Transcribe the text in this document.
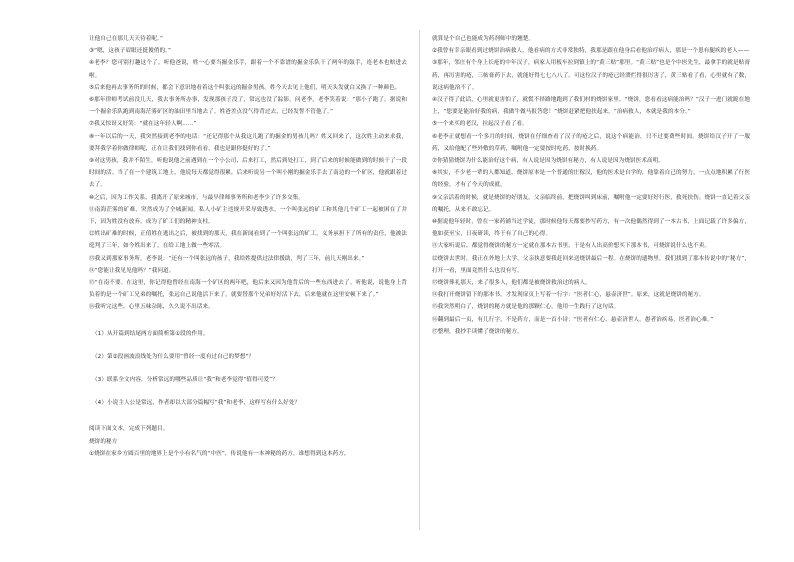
让他自己在那儿天天待着呢。”

③“嗯，这孩子眉眼还挺俊俏的。”

④老李？您可别打趣这个了。听他爸说，姓一心要当掘金乐手，跟着一个不靠谱的掘金乐队干了两年的鼓手，连老本也赔进去啦。

⑤后来他再去事务所的时候，都会下意识地看着这个叫张远的掘金男孩。姓今天去见上他们，明天头发就白又换了一种颜色。

⑥那年律师考试前没几天，我去事务所办事，发现那孩子没了，常远也没了踪影。问老李，老李笑着说：“那小子跑了，据说和一个掘金乐队跑到南海茫雾矿区的油田里当地去了。姓爸差点没气得背过去，已经发誓不管他了。”

⑦我又惊讶又好笑：“就在这年轻人啊……”

⑧一年以后的一天，我突然接到老李的电话：“还记得那个从我这儿跑了的掘金的男孩儿吗？姓又回来了，这次姓主动来求我，要拜我学着你做律师呢，正在让我们找到你看看，我也是跟你挺好的了。”

⑨对这男孩，我并不陌生，听他说他之前遇到在一个小公司，后来打工，然后到处打工，到了后来的时候能做到的时候干了一段时间的活。当了在一个建筑工地上，他说每天都觉得很累，后来听说另一个叫小刚的掘金乐手去了南边的一个矿区，他就跟着过去了。

⑩之后，因为工作关系，我离开了原来城市，与最早律师事务所和老李少了许多交集。

⑪南海茫雾的矿难，突然成为了全城新闻，私人小矿主违规开采导致透水，一个叫张远的矿工和其他几个矿工一起被困在了井下，因为姓没有放弃，成为了矿工们的精神支柱。

⑫姓出矿难的时候，正值姓在逃出之后，被找到的那天，我在新闻看到了一个叫张远的矿工，义务承担下了所有的责任，他被法庭判了三年，如今姓出来了，在给工地上做一些零活。

⑬我又到那家事务所，老李说：“还有一个叫张远的孩子，我给姓提供过法律援助，判了三年，前几天刚出来。”

⑭“您能让我见见他吗？”我问道。

⑮“在南不要。在这里，你记得他曾经在南海一个矿区的两年吧，他后来又因为他背后的一些东西进去了。听他说，说他身上背负着的是一个矿工兄弟的嘱托，张远自己说他活下来了，就要替那个兄弟好好活下去，后来他就在这里安顿下来了。”

⑯我听完这些，心里五味杂陈，久久说不出话来。

（1）从开篇到结尾两方面简析第①段的作用。

（2）第②段画波浪线处为什么要用“曾经一度有过自己的梦想”？

（3）联系全文内容，分析常远的哪些品质让“我”和老李觉得“值得可爱”？

（4）小说主人公是常远，作者却以大部分篇幅写“我”和老李，这样写有什么好处？

阅读下面文本，完成下列题目。

烧饼的秘方

①烧饼在家乡方圆百里的地界上是个小有名气的“中医”，传说他有一本神秘的药方，谁想得到这本药方，

就算是个自己也能成为药剂师中的翘楚。

②我曾有幸亲眼看到过烧饼治病救人，他看病的方式非常独特，我那是跟在他身后看他治疗病人，那是一个患有腿疾的老人——

③那年，邻庄有个身上长疮的中年汉子，病家人用板车拉到镇上的“黄三贴”那里。“黄三贴”也是个中医先生，最拿手的就是贴膏药，再厉害的疮，三帖膏药下去，就能好得七七八八了。可这位汉子的疮已经溃烂得很厉害了，黄三贴看了看，心里就有了数，说这病他治不了。

④汉子得了此话，心里就更害怕了，就慌不择路地跑到了我们村的烧饼家里。“烧饼，您看看这病能治吗？”汉子一进门就跪在地上，“您要是能治好我的病，我做牛做马报答您！”烧饼赶紧把他扶起来，“治病救人，本就是我的本分。”

⑤一个来买的老汉，拉起汉子看了看。

⑥老李正就想看一个多月的时间，烧饼在仔细查看了汉子的疮之后，说这个病能治，只不过要费些时间。烧饼给汉子开了一服药，又给他配了些外敷的草药，嘱咐他一定要按时吃药，按时换药。

⑦你猜猜烧饼为什么能治好这个病，有人说是因为烧饼有秘方，有人说是因为烧饼医术高明。

⑧其实，不少老一辈的人都知道，烧饼原本是一个普通的庄稼汉，他的医术是自学的，他靠着自己的努力，一点点地积累了行医的经验，才有了今天的成就。

⑨父亲活着的时候，就是烧饼的好朋友。父亲临终前，把烧饼叫到床前，嘱咐他一定要好好行医，救死扶伤。烧饼一直记着父亲的嘱托，从来不敢忘记。

⑩据说他年轻时，曾在一家药铺当过学徒，那时候他每天都要抄写药方，有一次他偶然得到了一本古书，上面记载了许多偏方，他如获至宝，日夜研读，终于有了自己的心得。

⑪大家听说后，都觉得烧饼的秘方一定就在那本古书里，于是有人出高价想买下那本书，可烧饼说什么也不卖。

⑫烧饼去世时，我正在外地上大学，父亲执意要我赶回来送烧饼最后一程。在烧饼的遗物里，我们找到了那本传说中的“秘方”，打开一看，里面竟然什么也没有写。

⑬烧饼葬礼那天，来了很多人，他们都是被烧饼救治过的病人。

⑭我打开烧饼留下的那本书，才发现扉页上写着一行字：“医者仁心，悬壶济世”。原来，这就是烧饼的秘方。

⑮我突然明白了，烧饼的秘方就是他的那颗仁心，他用一生践行了这句话。

⑯翻到最后一页，有几行字，不是药方，而是一首小诗：“医者有仁心，悬壶济世人。愚者治疾易，医者治心难。”

⑰整理，我抄手读懂了烧饼的秘方。
